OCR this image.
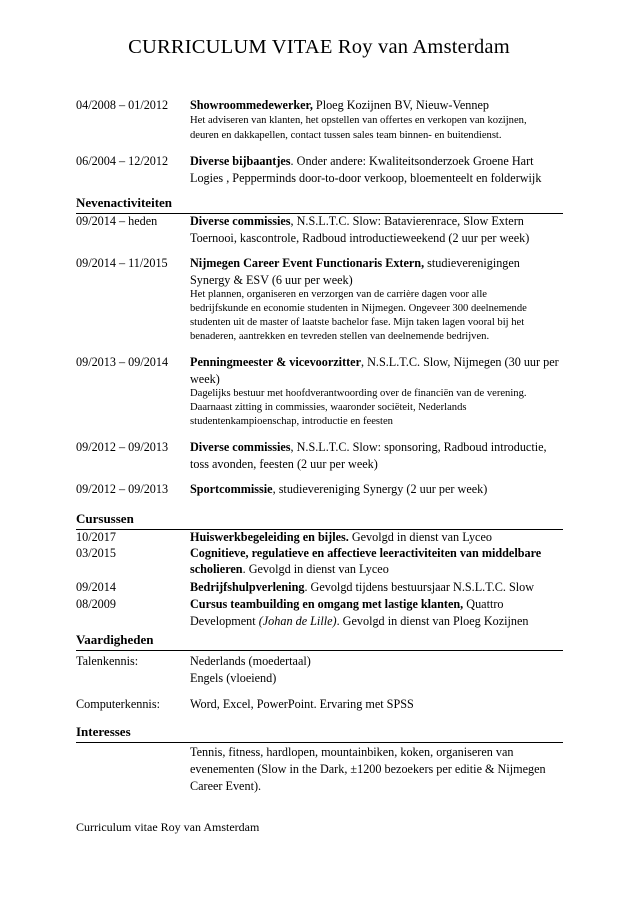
CURRICULUM VITAE Roy van Amsterdam
04/2008 – 01/2012 Showroommedewerker, Ploeg Kozijnen BV, Nieuw-Vennep
Het adviseren van klanten, het opstellen van offertes en verkopen van kozijnen,
deuren en dakkapellen, contact tussen sales team binnen- en buitendienst.
06/2004 – 12/2012 Diverse bijbaantjes. Onder andere: Kwaliteitsonderzoek Groene Hart
Logies , Pepperminds door-to-door verkoop, bloementeelt en folderwijk
Nevenactiviteiten
09/2014 – heden	Diverse commissies, N.S.L.T.C. Slow: Batavierenrace, Slow Extern
Toernooi, kascontrole, Radboud introductieweekend (2 uur per week)
09/2014 – 11/2015 Nijmegen Career Event Functionaris Extern, studieverenigingen
Synergy & ESV (6 uur per week)
Het plannen, organiseren en verzorgen van de carrière dagen voor alle
bedrijfskunde en economie studenten in Nijmegen. Ongeveer 300 deelnemende
studenten uit de master of laatste bachelor fase. Mijn taken lagen vooral bij het
benaderen, aantrekken en tevreden stellen van deelnemende bedrijven.
09/2013 – 09/2014 Penningmeester & vicevoorzitter, N.S.L.T.C. Slow, Nijmegen (30 uur per
week)
Dagelijks bestuur met hoofdverantwoording over de financiën van de verening.
Daarnaast zitting in commissies, waaronder sociëteit, Nederlands
studentenkampioenschap, introductie en feesten
09/2012 – 09/2013 Diverse commissies, N.S.L.T.C. Slow: sponsoring, Radboud introductie,
toss avonden, feesten (2 uur per week)
09/2012 – 09/2013 Sportcommissie, studievereniging Synergy (2 uur per week)
Cursussen
10/2017	Huiswerkbegeleiding en bijles. Gevolgd in dienst van Lyceo
03/2015	Cognitieve, regulatieve en affectieve leeractiviteiten van middelbare
scholieren. Gevolgd in dienst van Lyceo
09/2014	Bedrijfshulpverlening. Gevolgd tijdens bestuursjaar N.S.L.T.C. Slow
08/2009	Cursus teambuilding en omgang met lastige klanten, Quattro
Development (Johan de Lille). Gevolgd in dienst van Ploeg Kozijnen
Vaardigheden
Talenkennis:	Nederlands (moedertaal)
Engels (vloeiend)
Computerkennis: Word, Excel, PowerPoint. Ervaring met SPSS
Interesses
Tennis, fitness, hardlopen, mountainbiken, koken, organiseren van
evenementen (Slow in the Dark, ±1200 bezoekers per editie & Nijmegen
Career Event).
Curriculum vitae Roy van Amsterdam
